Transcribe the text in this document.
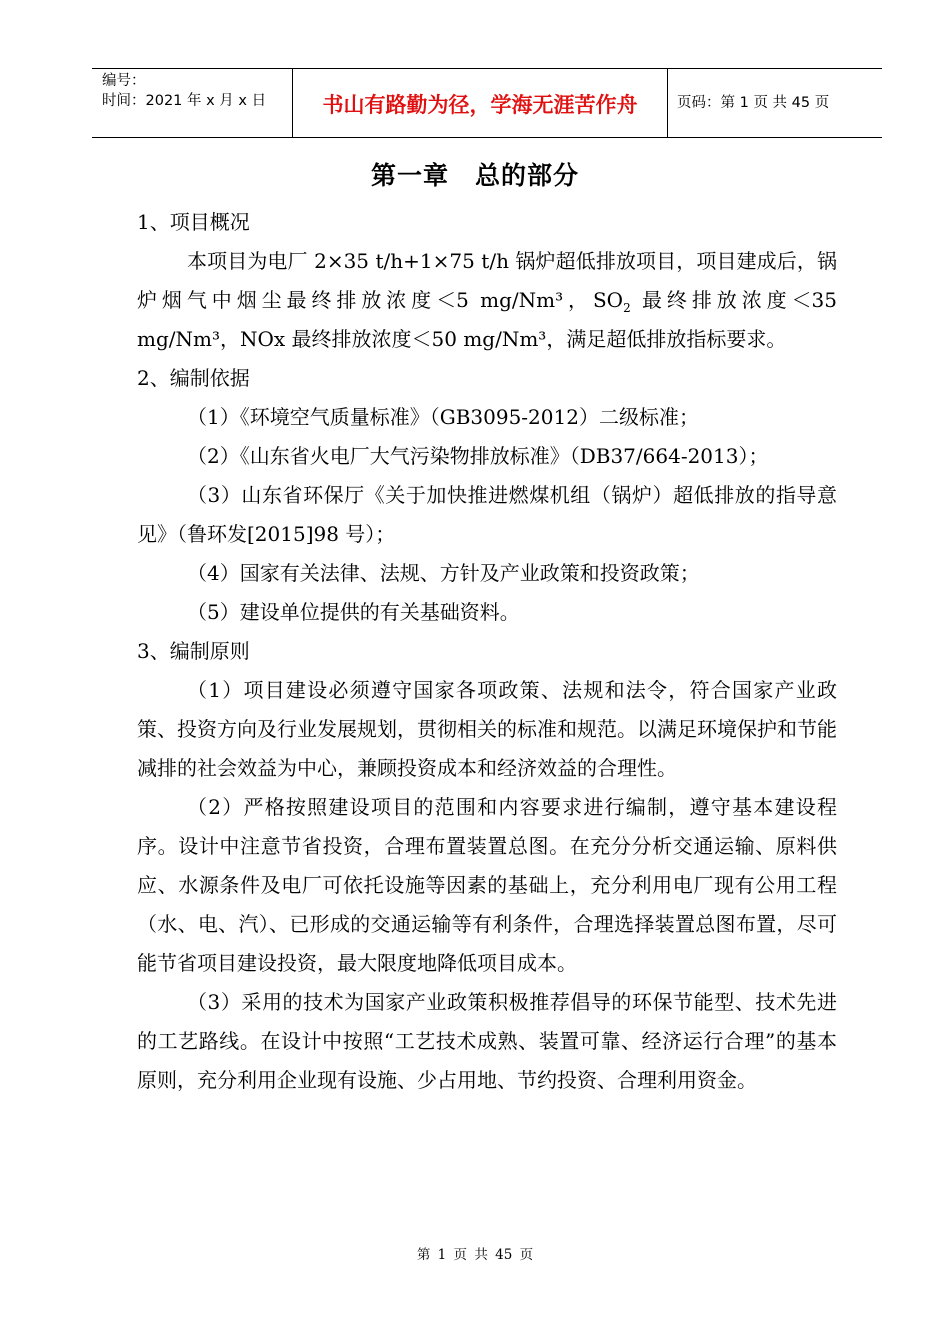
编号：
时间：2021 年 x 月 x 日	书山有路勤为径，学海无涯苦作舟	页码：第 1 页 共 45 页
第一章　总的部分

1、项目概况

本项目为电厂 2×35 t/h+1×75 t/h 锅炉超低排放项目，项目建成后，锅炉烟气中烟尘最终排放浓度＜5 mg/Nm³，$SO_2$ 最终排放浓度＜35 mg/Nm³，NOx 最终排放浓度＜50 mg/Nm³，满足超低排放指标要求。

2、编制依据

（1）《环境空气质量标准》（GB3095-2012）二级标准；

（2）《山东省火电厂大气污染物排放标准》（DB37/664-2013）；

（3）山东省环保厅《关于加快推进燃煤机组（锅炉）超低排放的指导意见》（鲁环发[2015]98 号）；

（4）国家有关法律、法规、方针及产业政策和投资政策；

（5）建设单位提供的有关基础资料。

3、编制原则

（1）项目建设必须遵守国家各项政策、法规和法令，符合国家产业政策、投资方向及行业发展规划，贯彻相关的标准和规范。以满足环境保护和节能减排的社会效益为中心，兼顾投资成本和经济效益的合理性。

（2）严格按照建设项目的范围和内容要求进行编制，遵守基本建设程序。设计中注意节省投资，合理布置装置总图。在充分分析交通运输、原料供应、水源条件及电厂可依托设施等因素的基础上，充分利用电厂现有公用工程（水、电、汽）、已形成的交通运输等有利条件，合理选择装置总图布置，尽可能节省项目建设投资，最大限度地降低项目成本。

（3）采用的技术为国家产业政策积极推荐倡导的环保节能型、技术先进的工艺路线。在设计中按照“工艺技术成熟、装置可靠、经济运行合理”的基本原则，充分利用企业现有设施、少占用地、节约投资、合理利用资金。

第 1 页 共 45 页
